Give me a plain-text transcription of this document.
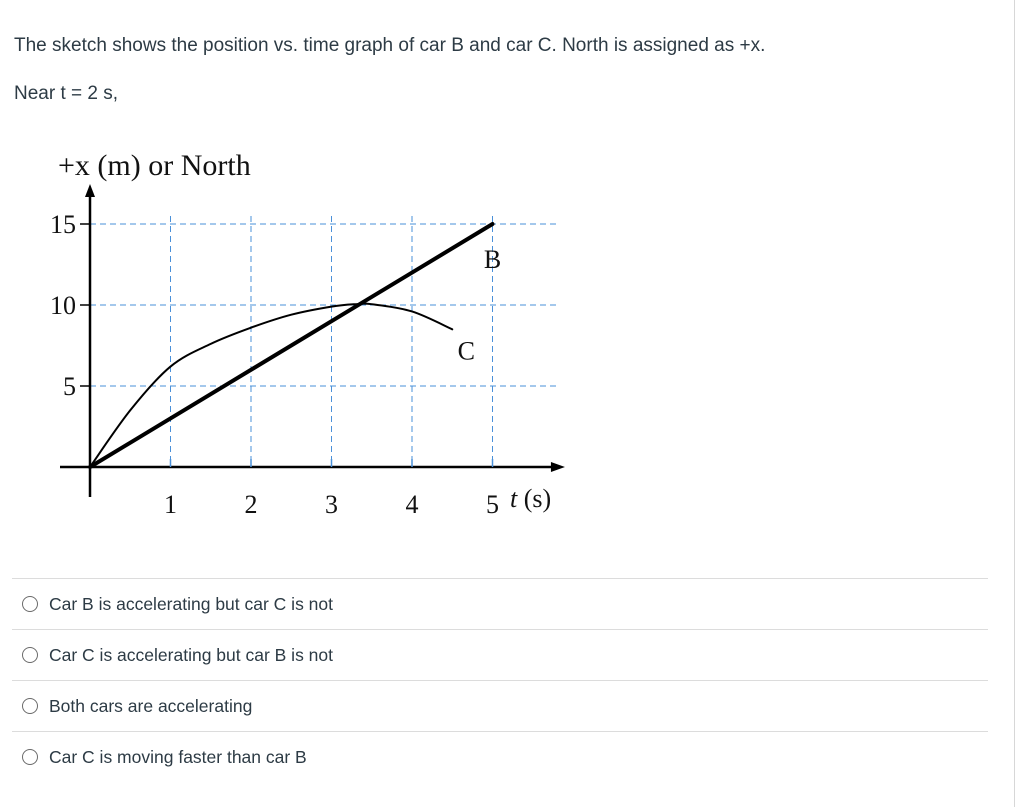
The sketch shows the position vs. time graph of car B and car C. North is assigned as +x.
Near t = 2 s,
1	2	3	4	5
5
10
15
B
C
+x (m) or North
t (s)
Car B is accelerating but car C is not
Car C is accelerating but car B is not
Both cars are accelerating
Car C is moving faster than car B
